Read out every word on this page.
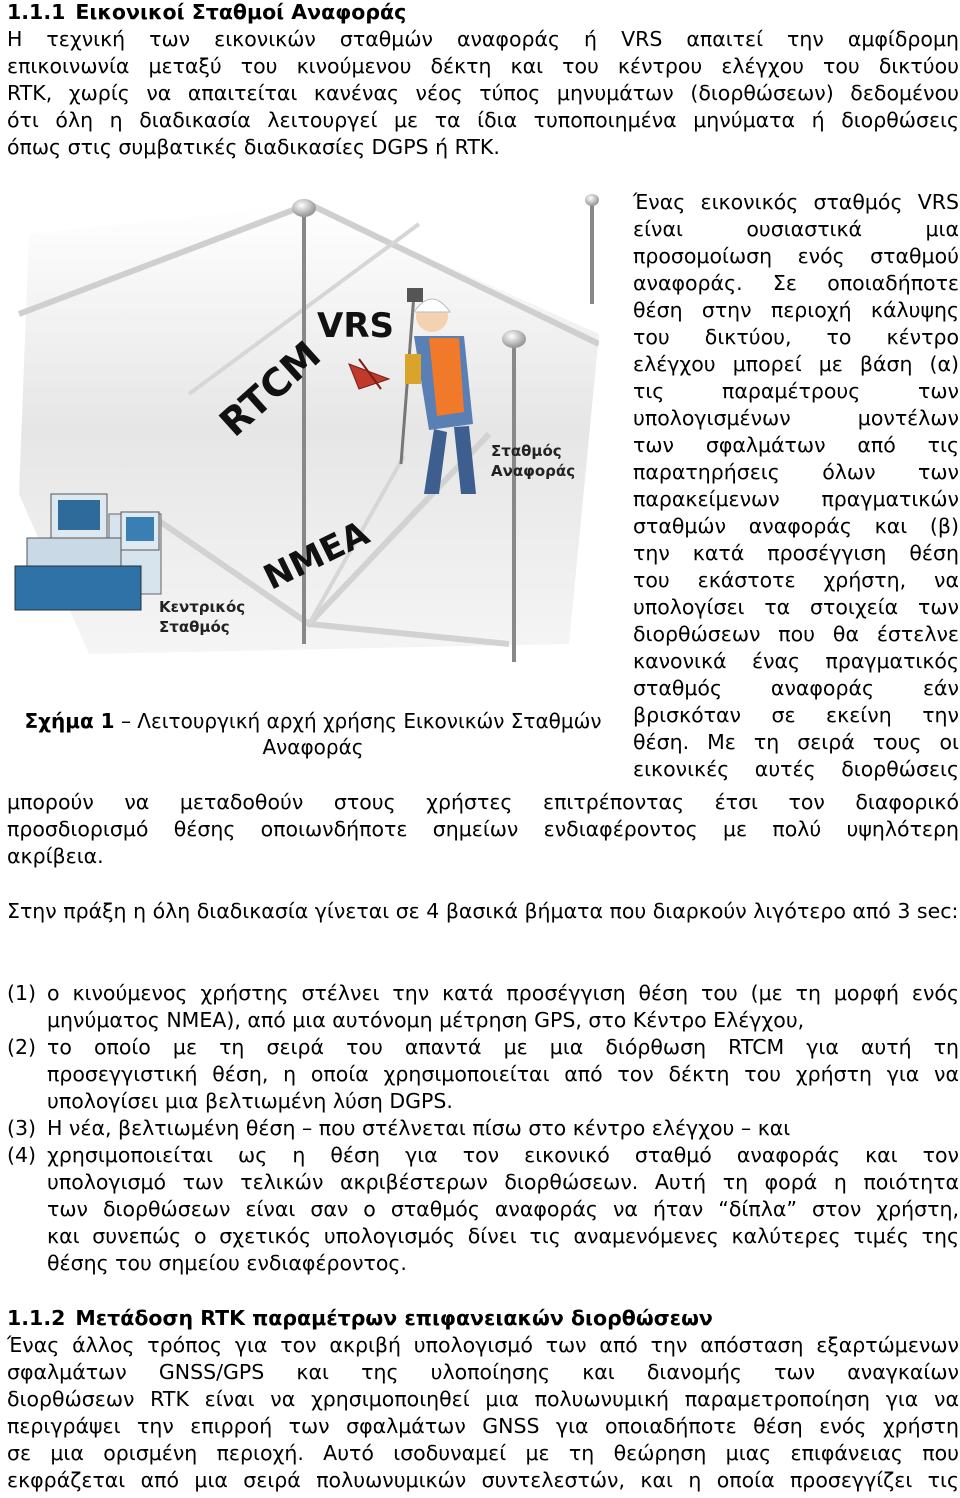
1.1.1 Εικονικοί Σταθμοί Αναφοράς
Η τεχνική των εικονικών σταθμών αναφοράς ή VRS απαιτεί την αμφίδρομη
επικοινωνία μεταξύ του κινούμενου δέκτη και του κέντρου ελέγχου του δικτύου
RTK, χωρίς να απαιτείται κανένας νέος τύπος μηνυμάτων (διορθώσεων) δεδομένου
ότι όλη η διαδικασία λειτουργεί με τα ίδια τυποποιημένα μηνύματα ή διορθώσεις
όπως στις συμβατικές διαδικασίες DGPS ή RTK.
RTCM
VRS
NMEA
Σταθμός
Αναφοράς
Κεντρικός
Σταθμός
Σχήμα 1 – Λειτουργική αρχή χρήσης Εικονικών Σταθμών
Αναφοράς
Ένας εικονικός σταθμός VRS
είναι ουσιαστικά μια
προσομοίωση ενός σταθμού
αναφοράς. Σε οποιαδήποτε
θέση στην περιοχή κάλυψης
του δικτύου, το κέντρο
ελέγχου μπορεί με βάση (α)
τις παραμέτρους των
υπολογισμένων μοντέλων
των σφαλμάτων από τις
παρατηρήσεις όλων των
παρακείμενων πραγματικών
σταθμών αναφοράς και (β)
την κατά προσέγγιση θέση
του εκάστοτε χρήστη, να
υπολογίσει τα στοιχεία των
διορθώσεων που θα έστελνε
κανονικά ένας πραγματικός
σταθμός αναφοράς εάν
βρισκόταν σε εκείνη την
θέση. Με τη σειρά τους οι
εικονικές αυτές διορθώσεις
μπορούν να μεταδοθούν στους χρήστες επιτρέποντας έτσι τον διαφορικό
προσδιορισμό θέσης οποιωνδήποτε σημείων ενδιαφέροντος με πολύ υψηλότερη
ακρίβεια.
Στην πράξη η όλη διαδικασία γίνεται σε 4 βασικά βήματα που διαρκούν λιγότερο από 3 sec:
(1) ο κινούμενος χρήστης στέλνει την κατά προσέγγιση θέση του (με τη μορφή ενός
μηνύματος NMEA), από μια αυτόνομη μέτρηση GPS, στο Κέντρο Ελέγχου,
(2) το οποίο με τη σειρά του απαντά με μια διόρθωση RTCM για αυτή τη
προσεγγιστική θέση, η οποία χρησιμοποιείται από τον δέκτη του χρήστη για να
υπολογίσει μια βελτιωμένη λύση DGPS.
(3) Η νέα, βελτιωμένη θέση – που στέλνεται πίσω στο κέντρο ελέγχου – και
(4) χρησιμοποιείται ως η θέση για τον εικονικό σταθμό αναφοράς και τον
υπολογισμό των τελικών ακριβέστερων διορθώσεων. Αυτή τη φορά η ποιότητα
των διορθώσεων είναι σαν ο σταθμός αναφοράς να ήταν “δίπλα” στον χρήστη,
και συνεπώς ο σχετικός υπολογισμός δίνει τις αναμενόμενες καλύτερες τιμές της
θέσης του σημείου ενδιαφέροντος.
1.1.2 Μετάδοση RTK παραμέτρων επιφανειακών διορθώσεων
Ένας άλλος τρόπος για τον ακριβή υπολογισμό των από την απόσταση εξαρτώμενων
σφαλμάτων GNSS/GPS και της υλοποίησης και διανομής των αναγκαίων
διορθώσεων RTK είναι να χρησιμοποιηθεί μια πολυωνυμική παραμετροποίηση για να
περιγράψει την επιρροή των σφαλμάτων GNSS για οποιαδήποτε θέση ενός χρήστη
σε μια ορισμένη περιοχή. Αυτό ισοδυναμεί με τη θεώρηση μιας επιφάνειας που
εκφράζεται από μια σειρά πολυωνυμικών συντελεστών, και η οποία προσεγγίζει τις
